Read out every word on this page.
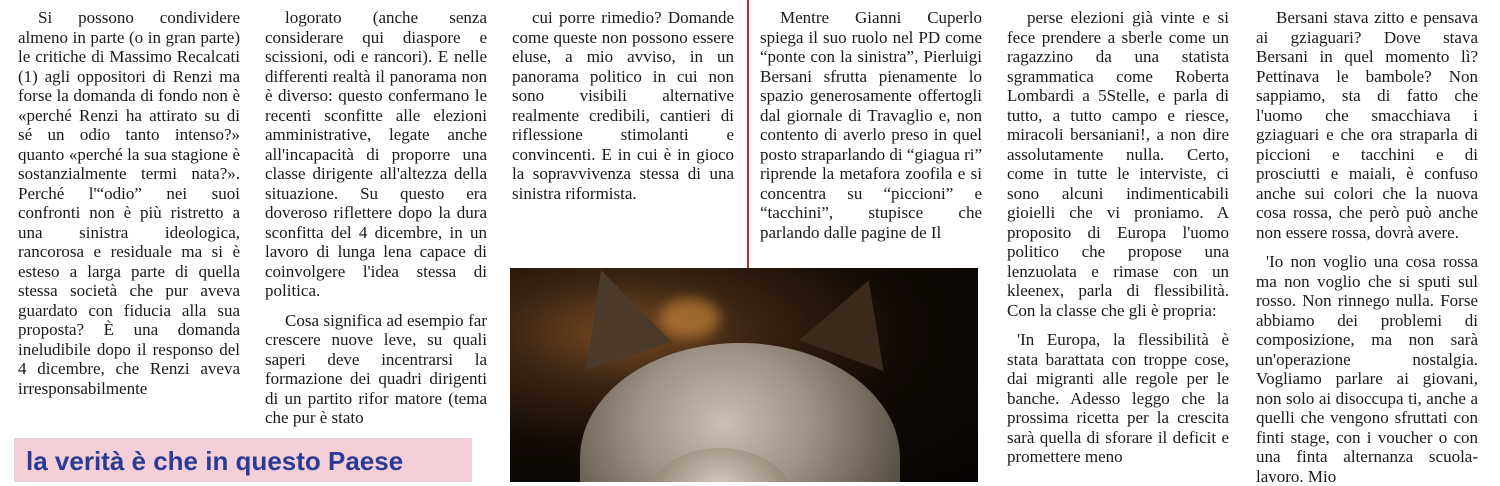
Si possono condividere almeno in parte (o in gran parte) le critiche di Massimo Recalcati (1) agli oppositori di Renzi ma forse la domanda di fondo non è «perché Renzi ha attirato su di sé un odio tanto intenso?» quanto «perché la sua stagione è sostanzialmente termi nata?». Perché l'“odio” nei suoi confronti non è più ristretto a una sinistra ideologica, rancorosa e residuale ma si è esteso a larga parte di quella stessa società che pur aveva guardato con fiducia alla sua proposta? È una domanda ineludibile dopo il responso del 4 dicembre, che Renzi aveva irresponsabilmente

logorato (anche senza considerare qui diaspore e scissioni, odi e rancori). E nelle differenti realtà il panorama non è diverso: questo confermano le recenti sconfitte alle elezioni amministrative, legate anche all'incapacità di proporre una classe dirigente all'altezza della situazione. Su questo era doveroso riflettere dopo la dura sconfitta del 4 dicembre, in un lavoro di lunga lena capace di coinvolgere l'idea stessa di politica.

Cosa significa ad esempio far crescere nuove leve, su quali saperi deve incentrarsi la formazione dei quadri dirigenti di un partito rifor matore (tema che pur è stato

cui porre rimedio? Domande come queste non possono essere eluse, a mio avviso, in un panorama politico in cui non sono visibili alternative realmente credibili, cantieri di riflessione stimolanti e convincenti. E in cui è in gioco la sopravvivenza stessa di una sinistra riformista.

Mentre Gianni Cuperlo spiega il suo ruolo nel PD come “ponte con la sinistra”, Pierluigi Bersani sfrutta pienamente lo spazio generosamente offertogli dal giornale di Travaglio e, non contento di averlo preso in quel posto straparlando di “giagua ri” riprende la metafora zoofila e si concentra su “piccioni” e “tacchini”, stupisce che parlando dalle pagine de Il

perse elezioni già vinte e si fece prendere a sberle come un ragazzino da una statista sgrammatica come Roberta Lombardi a 5Stelle, e parla di tutto, a tutto campo e riesce, miracoli bersaniani!, a non dire assolutamente nulla. Certo, come in tutte le interviste, ci sono alcuni indimenticabili gioielli che vi proniamo. A proposito di Europa l'uomo politico che propose una lenzuolata e rimase con un kleenex, parla di flessibilità. Con la classe che gli è propria:

'In Europa, la flessibilità è stata barattata con troppe cose, dai migranti alle regole per le banche. Adesso leggo che la prossima ricetta per la crescita sarà quella di sforare il deficit e promettere meno

Bersani stava zitto e pensava ai gziaguari? Dove stava Bersani in quel momento lì? Pettinava le bambole? Non sappiamo, sta di fatto che l'uomo che smacchiava i gziaguari e che ora straparla di piccioni e tacchini e di prosciutti e maiali, è confuso anche sui colori che la nuova cosa rossa, che però può anche non essere rossa, dovrà avere.

'Io non voglio una cosa rossa ma non voglio che si sputi sul rosso. Non rinnego nulla. Forse abbiamo dei problemi di composizione, ma non sarà un'operazione nostalgia. Vogliamo parlare ai giovani, non solo ai disoccupa ti, anche a quelli che vengono sfruttati con finti stage, con i voucher o con una finta alternanza scuola-lavoro. Mio

la verità è che in questo Paese
